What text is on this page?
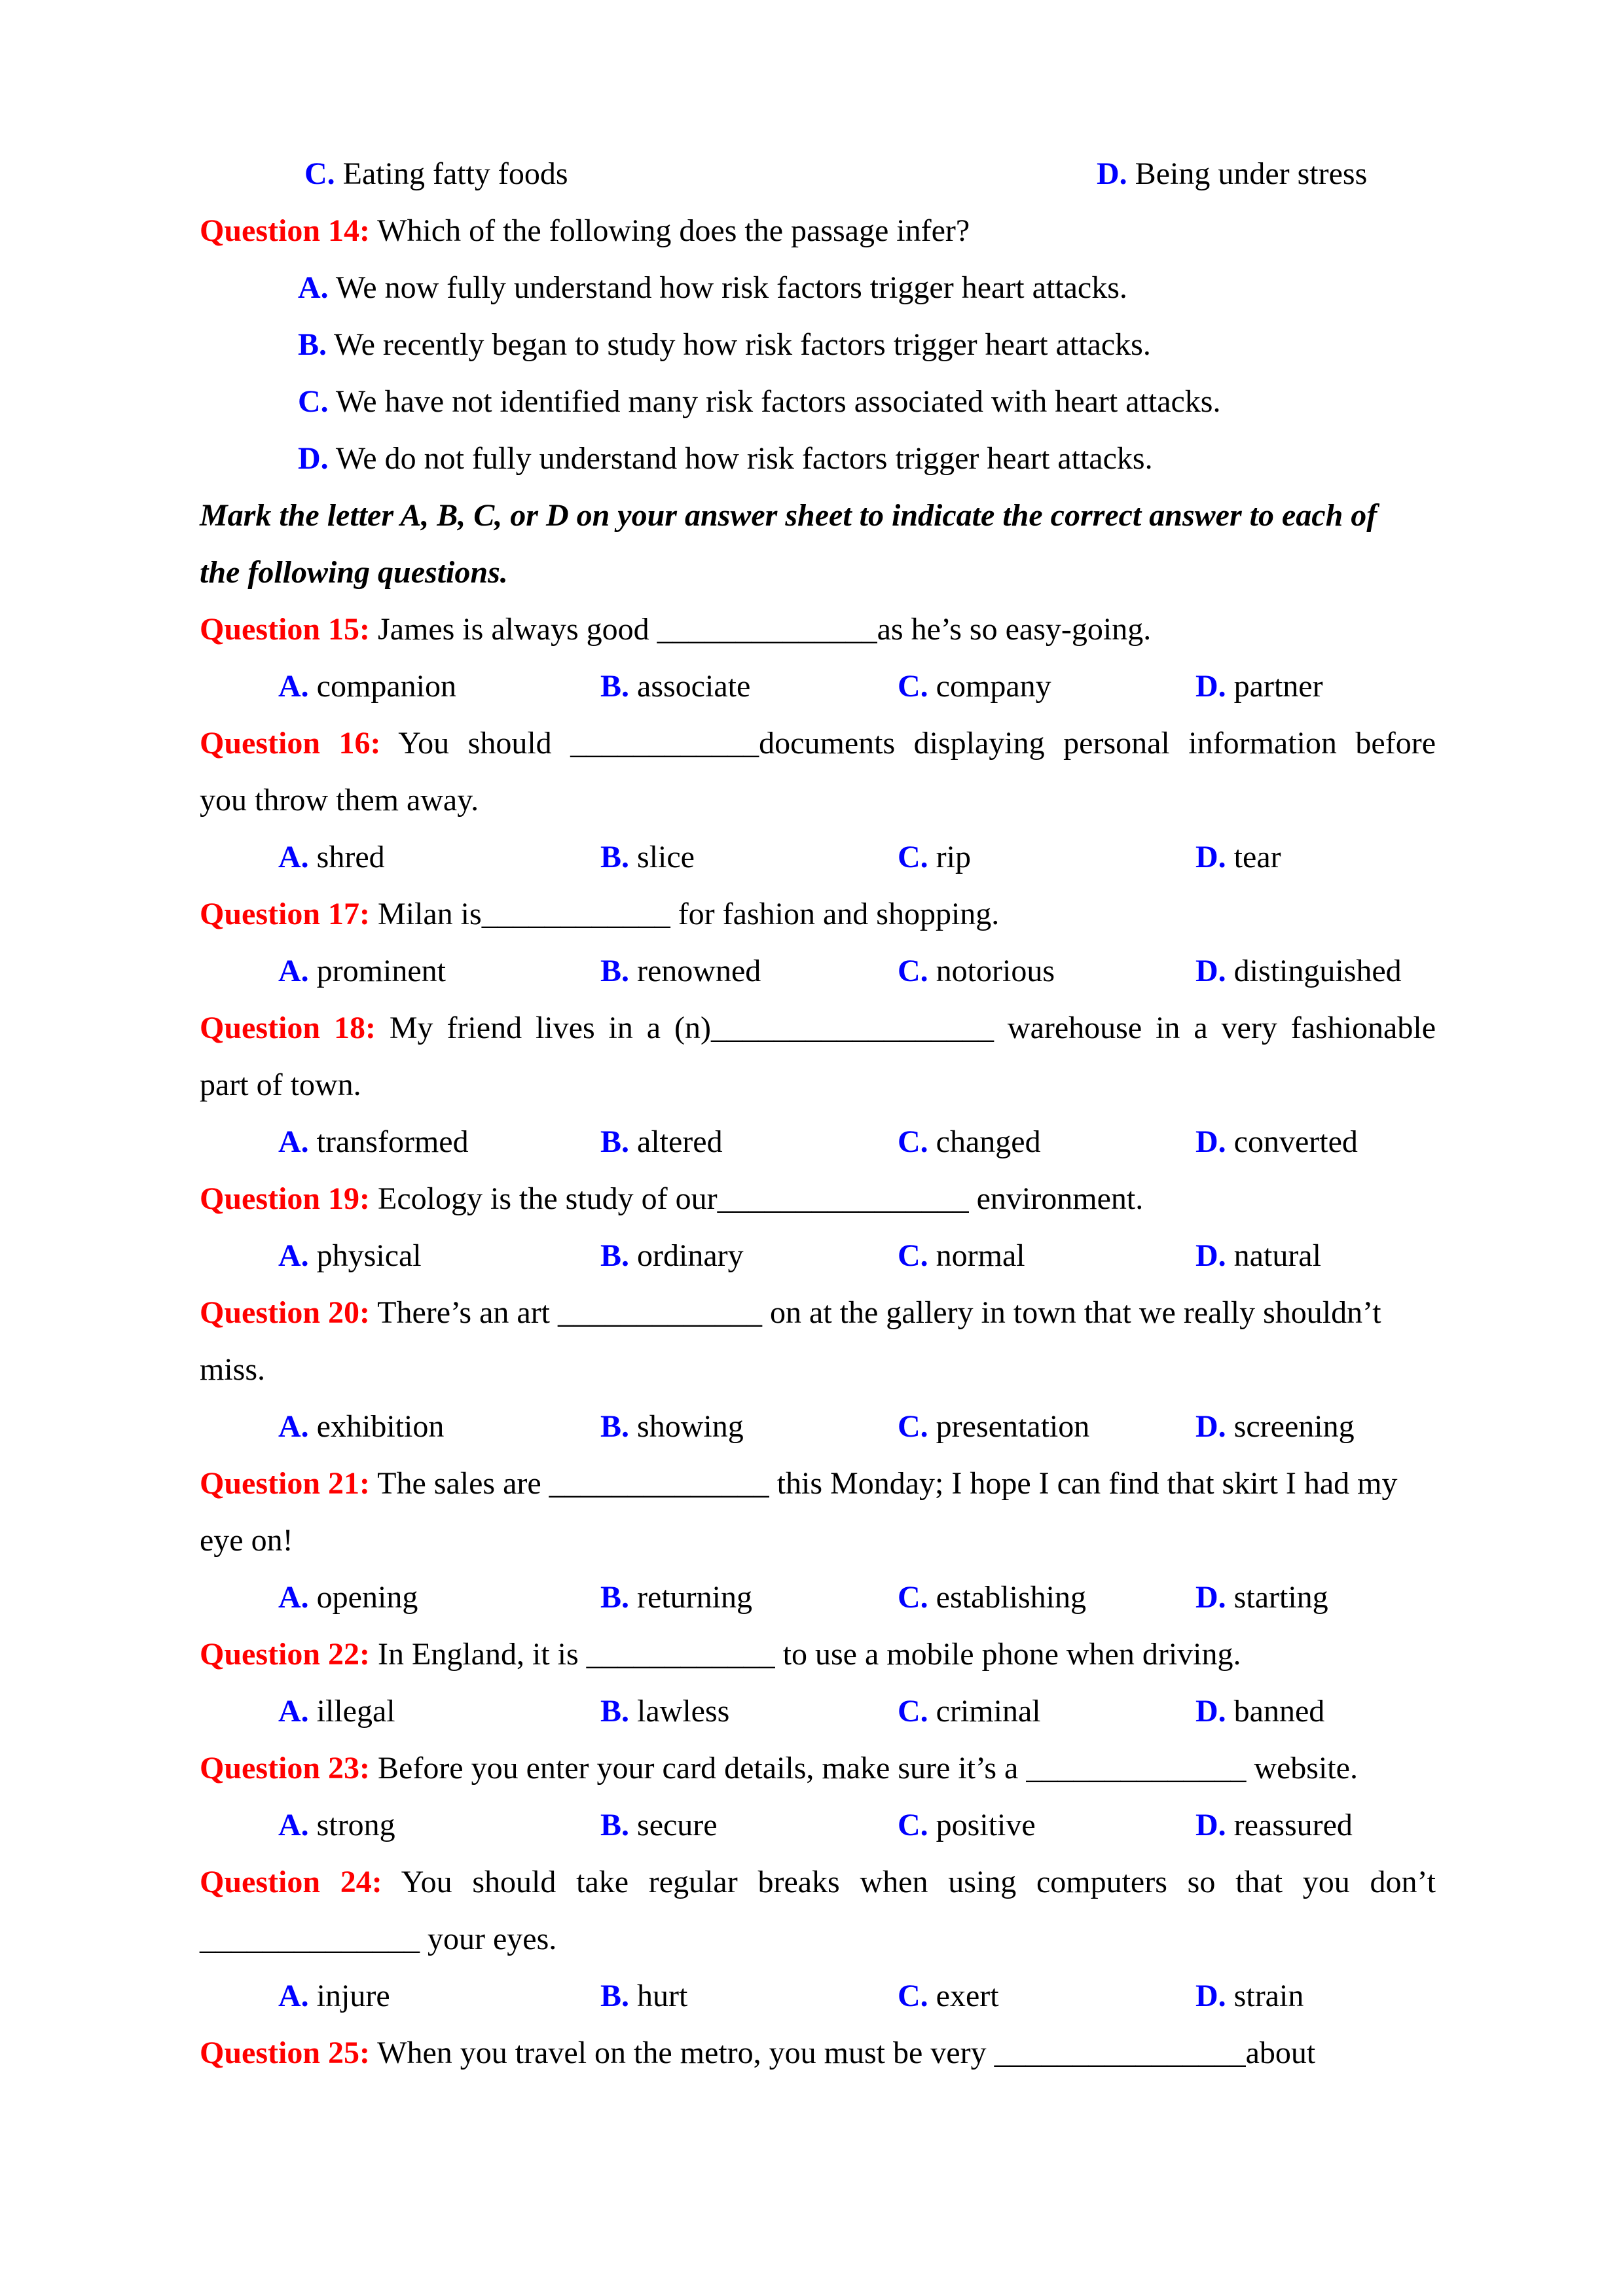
C. Eating fatty foods	D. Being under stress
Question 14: Which of the following does the passage infer?
A. We now fully understand how risk factors trigger heart attacks.
B. We recently began to study how risk factors trigger heart attacks.
C. We have not identified many risk factors associated with heart attacks.
D. We do not fully understand how risk factors trigger heart attacks.
Mark the letter A, B, C, or D on your answer sheet to indicate the correct answer to each of
the following questions.
Question 15: James is always good ______________as he’s so easy-going.
A. companion	B. associate	C. company	D. partner
Question 16: You should ____________documents displaying personal information before
you throw them away.
A. shred	B. slice	C. rip	D. tear
Question 17: Milan is____________ for fashion and shopping.
A. prominent	B. renowned	C. notorious	D. distinguished
Question 18: My friend lives in a (n)__________________ warehouse in a very fashionable
part of town.
A. transformed	B. altered	C. changed	D. converted
Question 19: Ecology is the study of our________________ environment.
A. physical	B. ordinary	C. normal	D. natural
Question 20: There’s an art _____________ on at the gallery in town that we really shouldn’t
miss.
A. exhibition	B. showing	C. presentation	D. screening
Question 21: The sales are ______________ this Monday; I hope I can find that skirt I had my
eye on!
A. opening	B. returning	C. establishing	D. starting
Question 22: In England, it is ____________ to use a mobile phone when driving.
A. illegal	B. lawless	C. criminal	D. banned
Question 23: Before you enter your card details, make sure it’s a ______________ website.
A. strong	B. secure	C. positive	D. reassured
Question 24: You should take regular breaks when using computers so that you don’t
______________ your eyes.
A. injure	B. hurt	C. exert	D. strain
Question 25: When you travel on the metro, you must be very ________________about
